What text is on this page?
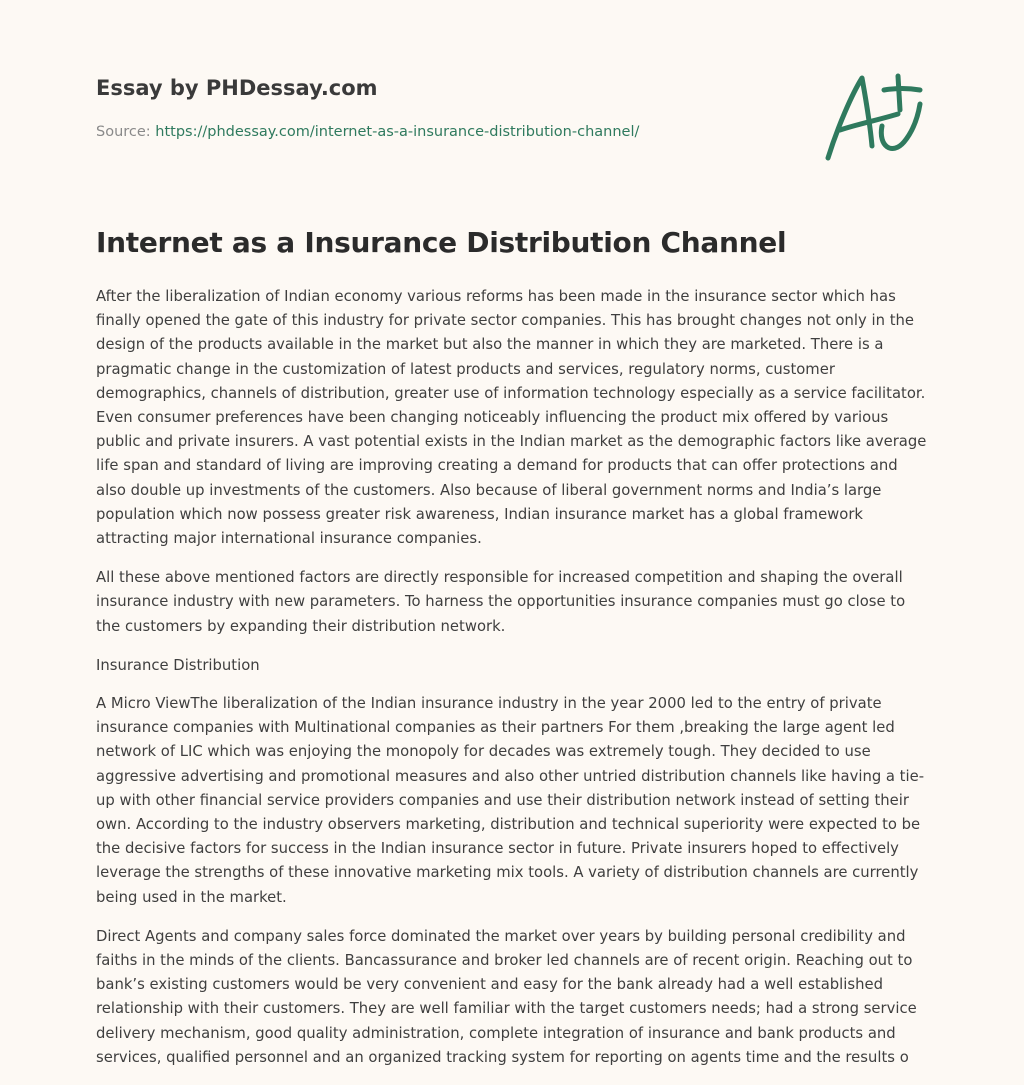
Essay by PHDessay.com
Source: https://phdessay.com/internet-as-a-insurance-distribution-channel/
Internet as a Insurance Distribution Channel

After the liberalization of Indian economy various reforms has been made in the insurance sector which has finally opened the gate of this industry for private sector companies. This has brought changes not only in the design of the products available in the market but also the manner in which they are marketed. There is a pragmatic change in the customization of latest products and services, regulatory norms, customer demographics, channels of distribution, greater use of information technology especially as a service facilitator. Even consumer preferences have been changing noticeably influencing the product mix offered by various public and private insurers. A vast potential exists in the Indian market as the demographic factors like average life span and standard of living are improving creating a demand for products that can offer protections and also double up investments of the customers. Also because of liberal government norms and India’s large population which now possess greater risk awareness, Indian insurance market has a global framework attracting major international insurance companies.

All these above mentioned factors are directly responsible for increased competition and shaping the overall insurance industry with new parameters. To harness the opportunities insurance companies must go close to the customers by expanding their distribution network.

Insurance Distribution

A Micro ViewThe liberalization of the Indian insurance industry in the year 2000 led to the entry of private insurance companies with Multinational companies as their partners For them ,breaking the large agent led network of LIC which was enjoying the monopoly for decades was extremely tough. They decided to use aggressive advertising and promotional measures and also other untried distribution channels like having a tie-up with other financial service providers companies and use their distribution network instead of setting their own. According to the industry observers marketing, distribution and technical superiority were expected to be the decisive factors for success in the Indian insurance sector in future. Private insurers hoped to effectively leverage the strengths of these innovative marketing mix tools. A variety of distribution channels are currently being used in the market.

Direct Agents and company sales force dominated the market over years by building personal credibility and faiths in the minds of the clients. Bancassurance and broker led channels are of recent origin. Reaching out to bank’s existing customers would be very convenient and easy for the bank already had a well established relationship with their customers. They are well familiar with the target customers needs; had a strong service delivery mechanism, good quality administration, complete integration of insurance and bank products and services, qualified personnel and an organized tracking system for reporting on agents time and the results o
